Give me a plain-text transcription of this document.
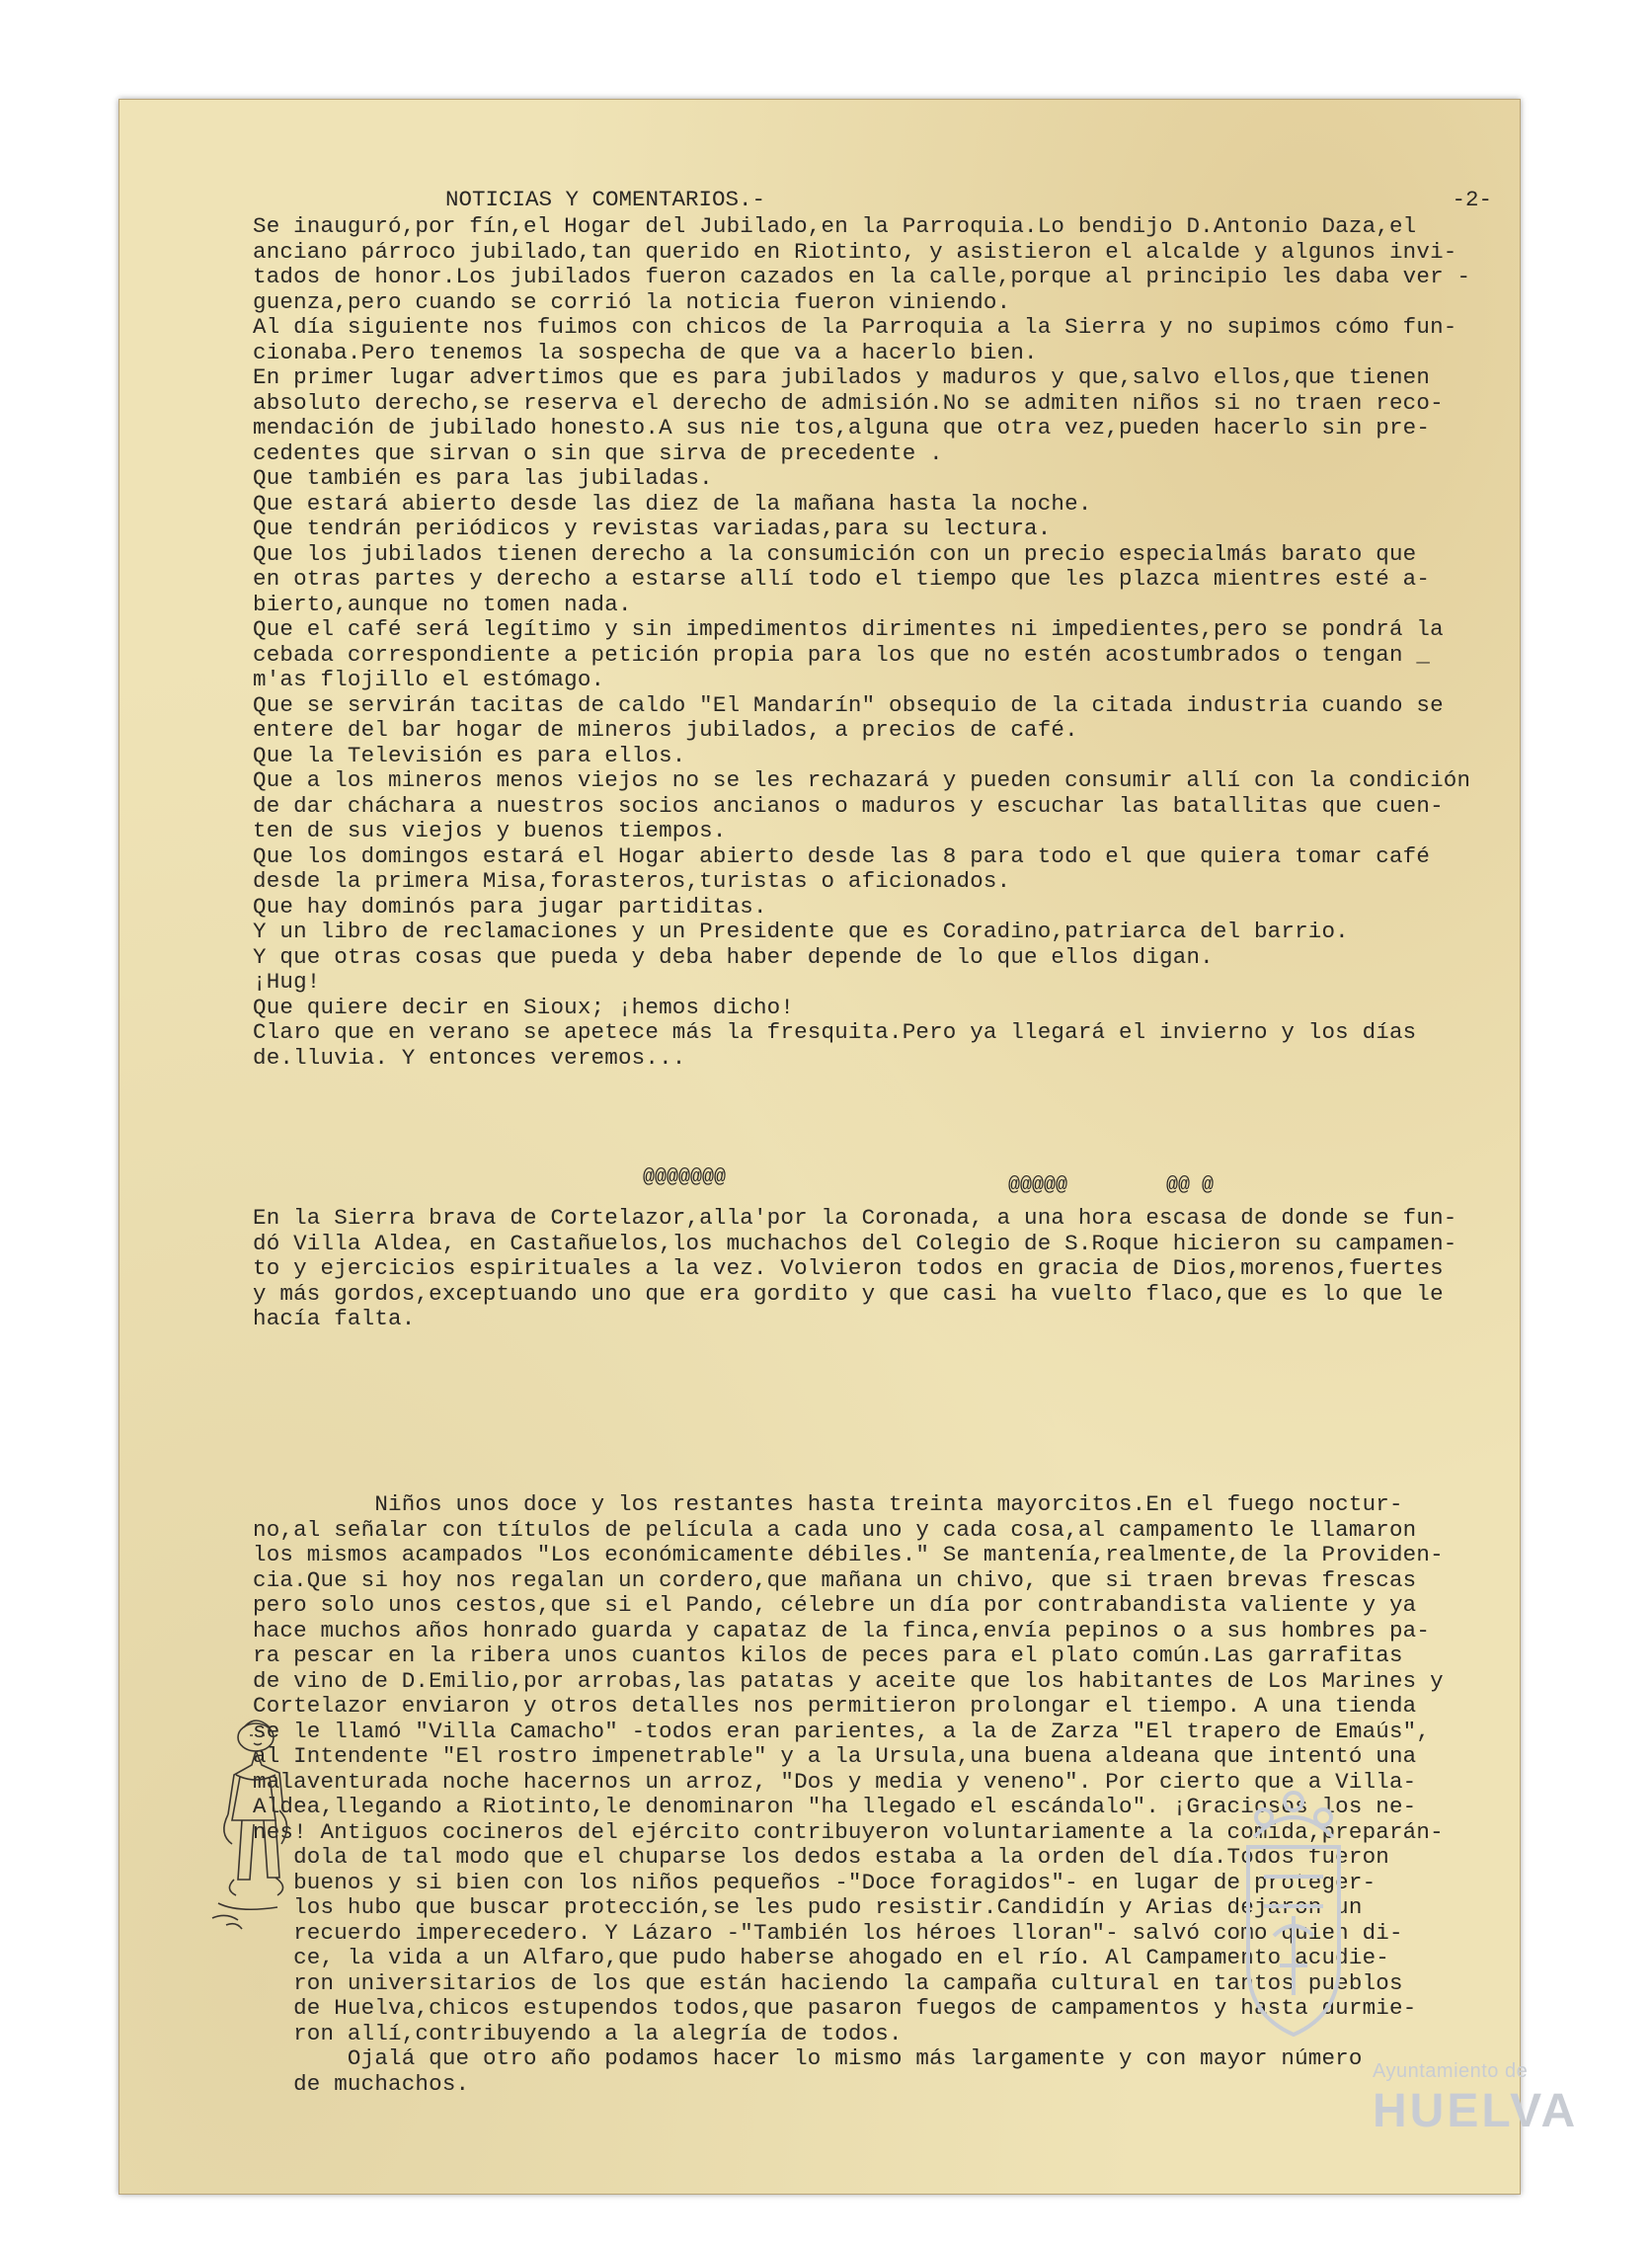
NOTICIAS Y COMENTARIOS.-	-2-
Se inauguró,por fín,el Hogar del Jubilado,en la Parroquia.Lo bendijo D.Antonio Daza,el
anciano párroco jubilado,tan querido en Riotinto, y asistieron el alcalde y algunos invi-
tados de honor.Los jubilados fueron cazados en la calle,porque al principio les daba ver -
guenza,pero cuando se corrió la noticia fueron viniendo.
Al día siguiente nos fuimos con chicos de la Parroquia a la Sierra y no supimos cómo fun-
cionaba.Pero tenemos la sospecha de que va a hacerlo bien.
En primer lugar advertimos que es para jubilados y maduros y que,salvo ellos,que tienen
absoluto derecho,se reserva el derecho de admisión.No se admiten niños si no traen reco-
mendación de jubilado honesto.A sus nie tos,alguna que otra vez,pueden hacerlo sin pre-
cedentes que sirvan o sin que sirva de precedente .
Que también es para las jubiladas.
Que estará abierto desde las diez de la mañana hasta la noche.
Que tendrán periódicos y revistas variadas,para su lectura.
Que los jubilados tienen derecho a la consumición con un precio especialmás barato que
en otras partes y derecho a estarse allí todo el tiempo que les plazca mientres esté a-
bierto,aunque no tomen nada.
Que el café será legítimo y sin impedimentos dirimentes ni impedientes,pero se pondrá la
cebada correspondiente a petición propia para los que no estén acostumbrados o tengan _
m'as flojillo el estómago.
Que se servirán tacitas de caldo "El Mandarín" obsequio de la citada industria cuando se
entere del bar hogar de mineros jubilados, a precios de café.
Que la Televisión es para ellos.
Que a los mineros menos viejos no se les rechazará y pueden consumir allí con la condición
de dar cháchara a nuestros socios ancianos o maduros y escuchar las batallitas que cuen-
ten de sus viejos y buenos tiempos.
Que los domingos estará el Hogar abierto desde las 8 para todo el que quiera tomar café
desde la primera Misa,forasteros,turistas o aficionados.
Que hay dominós para jugar partiditas.
Y un libro de reclamaciones y un Presidente que es Coradino,patriarca del barrio.
Y que otras cosas que pueda y deba haber depende de lo que ellos digan.
¡Hug!
Que quiere decir en Sioux; ¡hemos dicho!
Claro que en verano se apetece más la fresquita.Pero ya llegará el invierno y los días
de.lluvia. Y entonces veremos...
@@@@@@@	@@@@@	@@ @
En la Sierra brava de Cortelazor,alla'por la Coronada, a una hora escasa de donde se fun-
dó Villa Aldea, en Castañuelos,los muchachos del Colegio de S.Roque hicieron su campamen-
to y ejercicios espirituales a la vez. Volvieron todos en gracia de Dios,morenos,fuertes
y más gordos,exceptuando uno que era gordito y que casi ha vuelto flaco,que es lo que le
hacía falta.
Niños unos doce y los restantes hasta treinta mayorcitos.En el fuego noctur-
no,al señalar con títulos de película a cada uno y cada cosa,al campamento le llamaron
los mismos acampados "Los económicamente débiles." Se mantenía,realmente,de la Providen-
cia.Que si hoy nos regalan un cordero,que mañana un chivo, que si traen brevas frescas
pero solo unos cestos,que si el Pando, célebre un día por contrabandista valiente y ya
hace muchos años honrado guarda y capataz de la finca,envía pepinos o a sus hombres pa-
ra pescar en la ribera unos cuantos kilos de peces para el plato común.Las garrafitas
de vino de D.Emilio,por arrobas,las patatas y aceite que los habitantes de Los Marines y
Cortelazor enviaron y otros detalles nos permitieron prolongar el tiempo. A una tienda
se le llamó "Villa Camacho" -todos eran parientes, a la de Zarza "El trapero de Emaús",
al Intendente "El rostro impenetrable" y a la Ursula,una buena aldeana que intentó una
malaventurada noche hacernos un arroz, "Dos y media y veneno". Por cierto que a Villa-
Aldea,llegando a Riotinto,le denominaron "ha llegado el escándalo". ¡Graciosos los ne-
nes! Antiguos cocineros del ejército contribuyeron voluntariamente a la comida,preparán-
dola de tal modo que el chuparse los dedos estaba a la orden del día.Todos fueron
buenos y si bien con los niños pequeños -"Doce foragidos"- en lugar de proteger-
los hubo que buscar protección,se les pudo resistir.Candidín y Arias dejaron un
recuerdo imperecedero. Y Lázaro -"También los héroes lloran"- salvó como quien di-
ce, la vida a un Alfaro,que pudo haberse ahogado en el río. Al Campamento acudie-
ron universitarios de los que están haciendo la campaña cultural en tantos pueblos
de Huelva,chicos estupendos todos,que pasaron fuegos de campamentos y hasta durmie-
ron allí,contribuyendo a la alegría de todos.
Ojalá que otro año podamos hacer lo mismo más largamente y con mayor número
de muchachos.	Ayuntamiento de
HUELVA
